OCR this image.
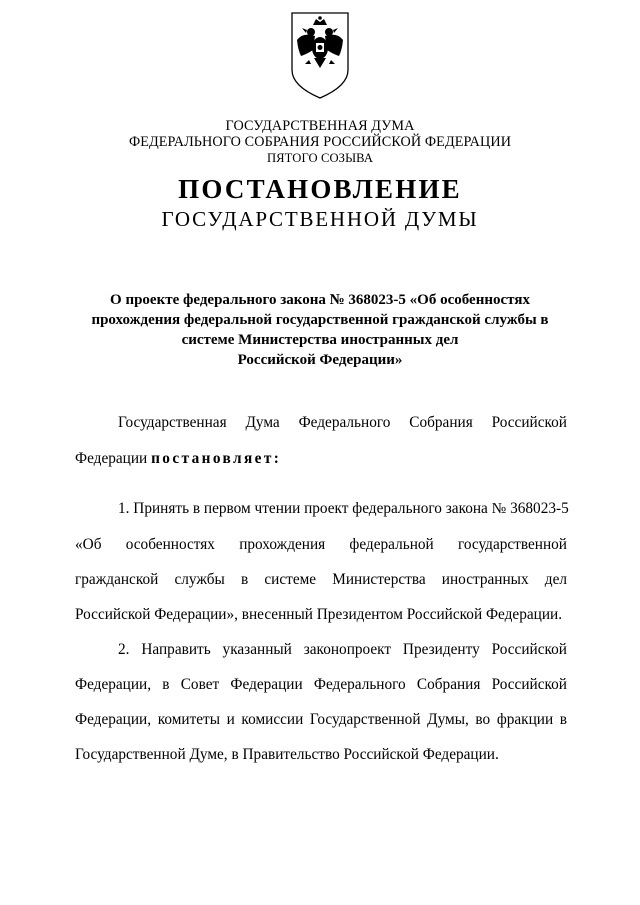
ГОСУДАРСТВЕННАЯ ДУМА
ФЕДЕРАЛЬНОГО СОБРАНИЯ РОССИЙСКОЙ ФЕДЕРАЦИИ
ПЯТОГО СОЗЫВА
ПОСТАНОВЛЕНИЕ
ГОСУДАРСТВЕННОЙ ДУМЫ
О проекте федерального закона № 368023-5 «Об особенностях
прохождения федеральной государственной гражданской службы в
системе Министерства иностранных дел
Российской Федерации»
Государственная Дума Федерального Собрания Российской
Федерации постановляет:
1. Принять в первом чтении проект федерального закона № 368023-5
«Об особенностях прохождения федеральной государственной
гражданской службы в системе Министерства иностранных дел
Российской Федерации», внесенный Президентом Российской Федерации.
2. Направить указанный законопроект Президенту Российской
Федерации, в Совет Федерации Федерального Собрания Российской
Федерации, комитеты и комиссии Государственной Думы, во фракции в
Государственной Думе, в Правительство Российской Федерации.
